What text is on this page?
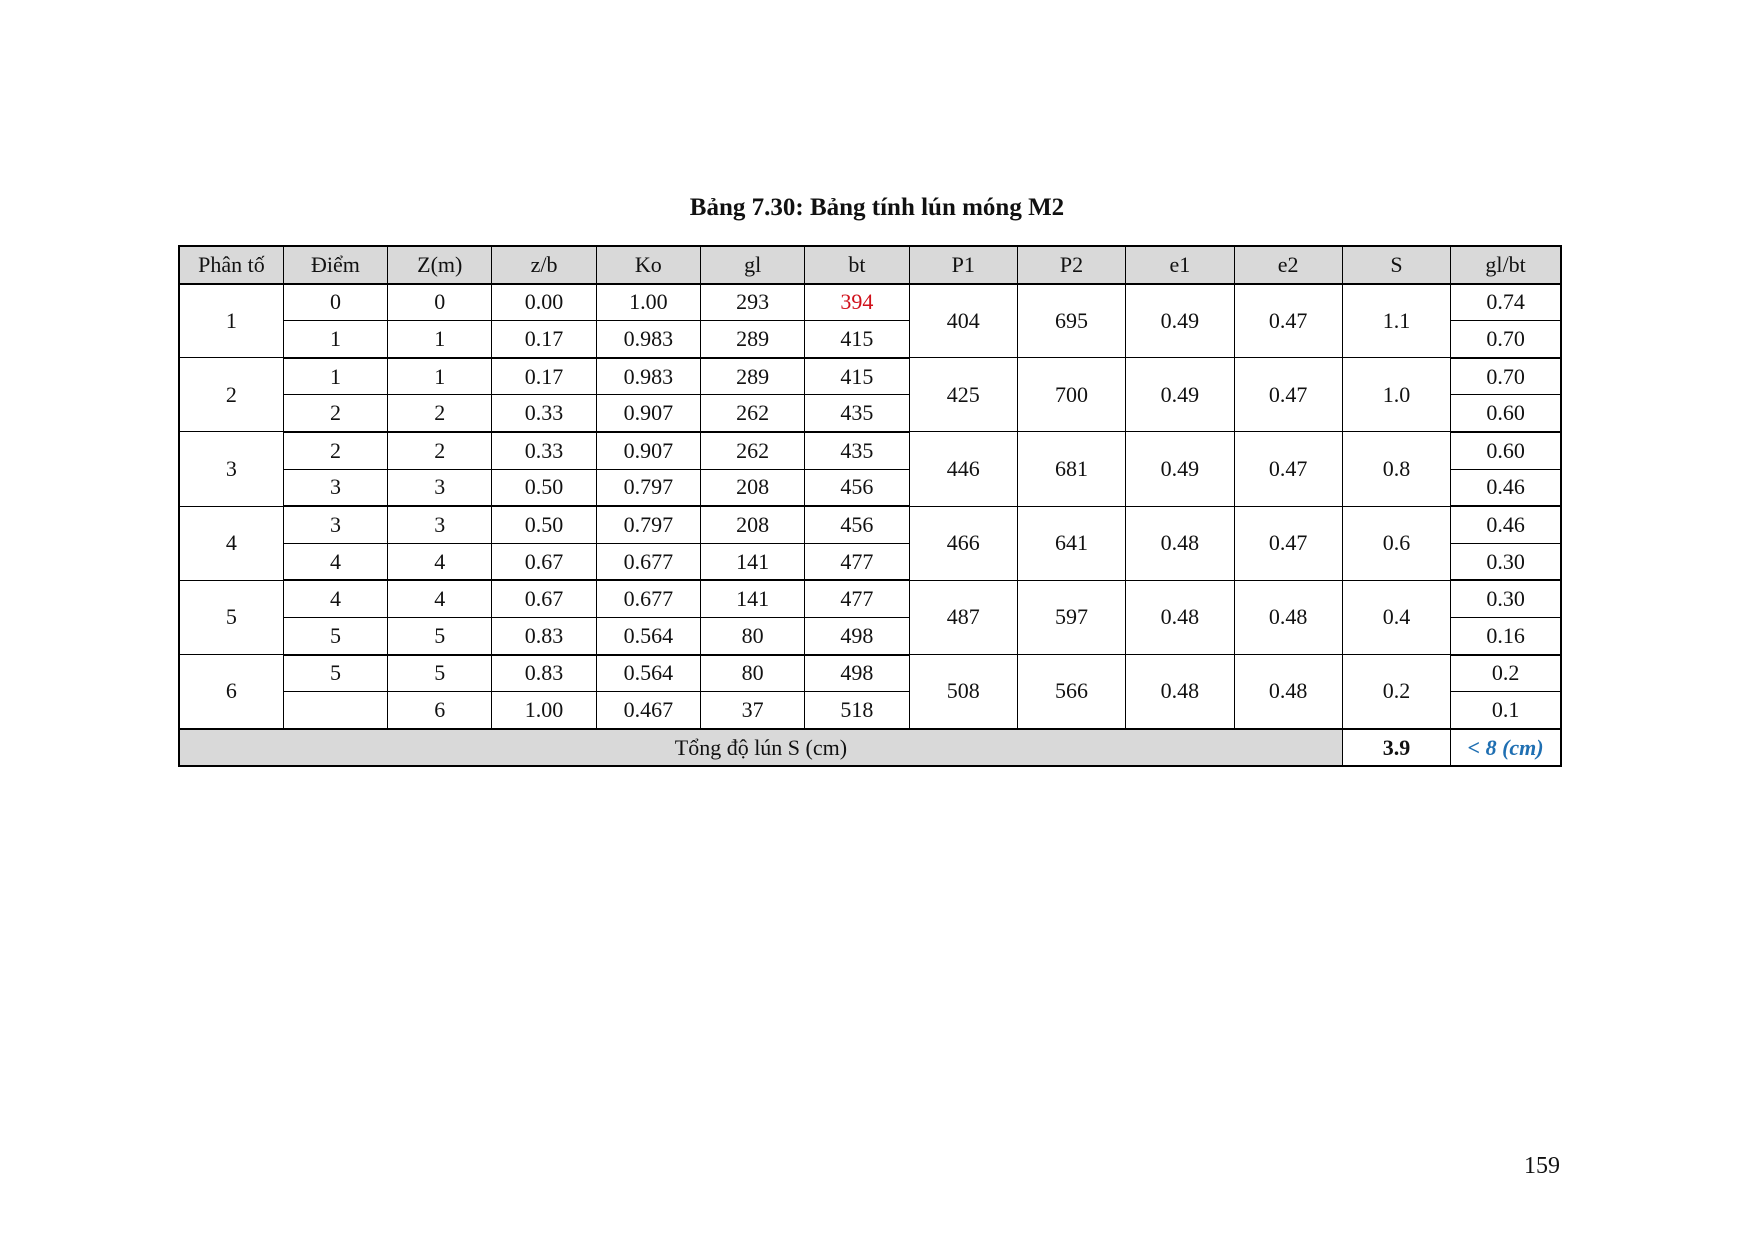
Bảng 7.30: Bảng tính lún móng M2
Phân tố	Điểm	Z(m)	z/b	Ko	gl	bt	P1	P2	e1	e2	S	gl/bt
1	0	0	0.00	1.00	293	394	404	695	0.49	0.47	1.1	0.74
	1	1	0.17	0.983	289	415						0.70
2	1	1	0.17	0.983	289	415	425	700	0.49	0.47	1.0	0.70
	2	2	0.33	0.907	262	435						0.60
3	2	2	0.33	0.907	262	435	446	681	0.49	0.47	0.8	0.60
	3	3	0.50	0.797	208	456						0.46
4	3	3	0.50	0.797	208	456	466	641	0.48	0.47	0.6	0.46
	4	4	0.67	0.677	141	477						0.30
5	4	4	0.67	0.677	141	477	487	597	0.48	0.48	0.4	0.30
	5	5	0.83	0.564	80	498						0.16
6	5	5	0.83	0.564	80	498	508	566	0.48	0.48	0.2	0.2
		6	1.00	0.467	37	518						0.1
Tổng độ lún S (cm)											3.9	< 8 (cm)
159
